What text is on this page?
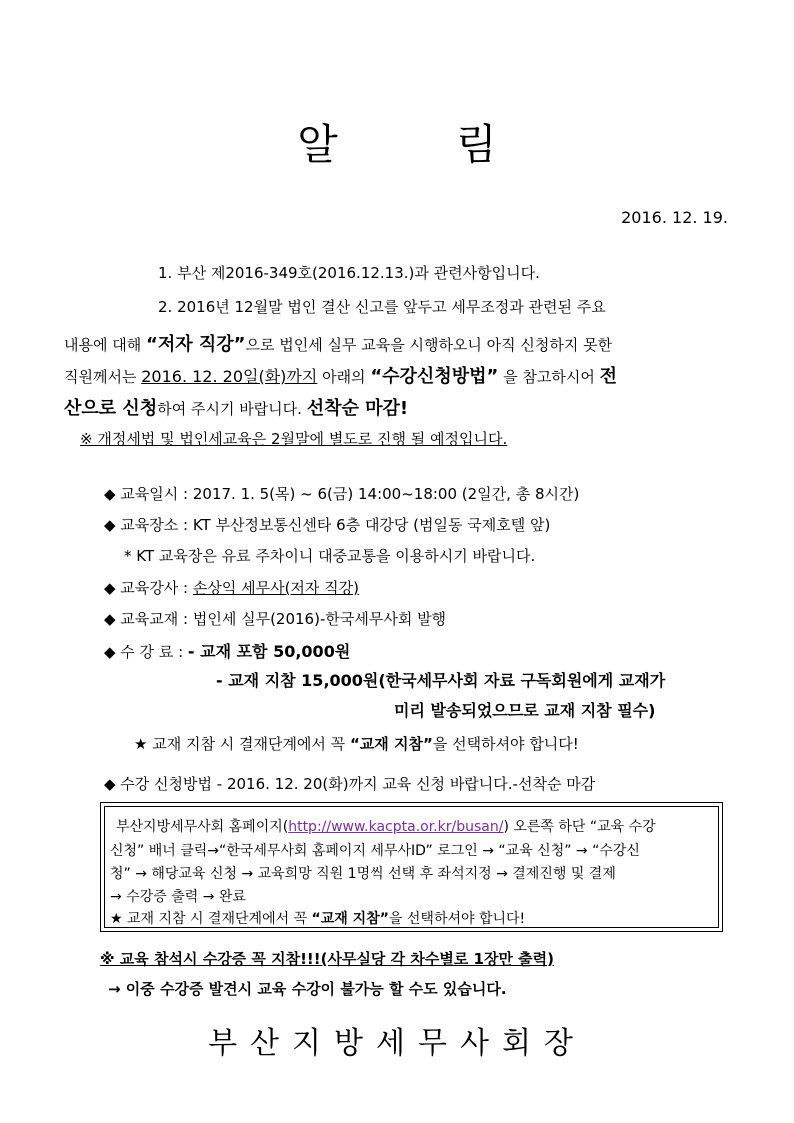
알 림
2016. 12. 19.
1. 부산 제2016-349호(2016.12.13.)과 관련사항입니다.
2. 2016년 12월말 법인 결산 신고를 앞두고 세무조정과 관련된 주요
내용에 대해 “저자 직강”으로 법인세 실무 교육을 시행하오니 아직 신청하지 못한
직원께서는 2016. 12. 20일(화)까지 아래의 “수강신청방법” 을 참고하시어 전
산으로 신청하여 주시기 바랍니다. 선착순 마감!
※ 개정세법 및 법인세교육은 2월말에 별도로 진행 될 예정입니다.
◆ 교육일시 : 2017. 1. 5(목) ~ 6(금) 14:00~18:00 (2일간, 총 8시간)
◆ 교육장소 : KT 부산정보통신센타 6층 대강당 (범일동 국제호텔 앞)
* KT 교육장은 유료 주차이니 대중교통을 이용하시기 바랍니다.
◆ 교육강사 : 손상익 세무사(저자 직강)
◆ 교육교재 : 법인세 실무(2016)-한국세무사회 발행
◆ 수 강 료 : - 교재 포함 50,000원
- 교재 지참 15,000원(한국세무사회 자료 구독회원에게 교재가
미리 발송되었으므로 교재 지참 필수)
★ 교재 지참 시 결재단계에서 꼭 “교재 지참”을 선택하셔야 합니다!
◆ 수강 신청방법 - 2016. 12. 20(화)까지 교육 신청 바랍니다.-선착순 마감
부산지방세무사회 홈페이지(http://www.kacpta.or.kr/busan/) 오른쪽 하단 “교육 수강
신청” 배너 클릭→“한국세무사회 홈페이지 세무사ID” 로그인 → “교육 신청” → “수강신
청” → 해당교육 신청 → 교육희망 직원 1명씩 선택 후 좌석지정 → 결제진행 및 결제
→ 수강증 출력 → 완료
★ 교재 지참 시 결재단계에서 꼭 “교재 지참”을 선택하셔야 합니다!
※ 교육 참석시 수강증 꼭 지참!!!(사무실당 각 차수별로 1장만 출력)
→ 이중 수강증 발견시 교육 수강이 불가능 할 수도 있습니다.
부산지방세무사회장
